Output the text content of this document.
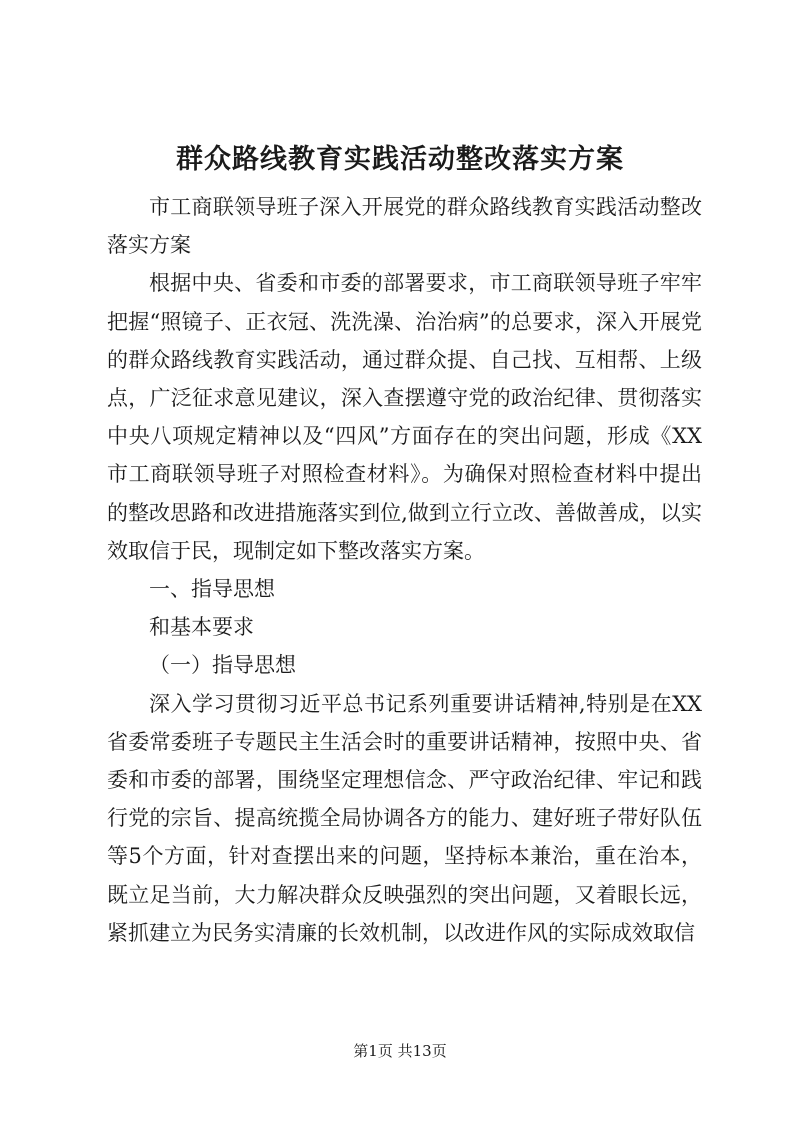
群众路线教育实践活动整改落实方案

市工商联领导班子深入开展党的群众路线教育实践活动整改落实方案

根据中央、省委和市委的部署要求，市工商联领导班子牢牢把握“照镜子、正衣冠、洗洗澡、治治病”的总要求，深入开展党的群众路线教育实践活动，通过群众提、自己找、互相帮、上级点，广泛征求意见建议，深入查摆遵守党的政治纪律、贯彻落实中央八项规定精神以及“四风”方面存在的突出问题，形成《XX市工商联领导班子对照检查材料》。为确保对照检查材料中提出的整改思路和改进措施落实到位,做到立行立改、善做善成，以实效取信于民，现制定如下整改落实方案。

一、指导思想

和基本要求

（一）指导思想

深入学习贯彻习近平总书记系列重要讲话精神,特别是在XX省委常委班子专题民主生活会时的重要讲话精神，按照中央、省委和市委的部署，围绕坚定理想信念、严守政治纪律、牢记和践行党的宗旨、提高统揽全局协调各方的能力、建好班子带好队伍等5个方面，针对查摆出来的问题，坚持标本兼治，重在治本，既立足当前，大力解决群众反映强烈的突出问题，又着眼长远，紧抓建立为民务实清廉的长效机制，以改进作风的实际成效取信

第1页 共13页
